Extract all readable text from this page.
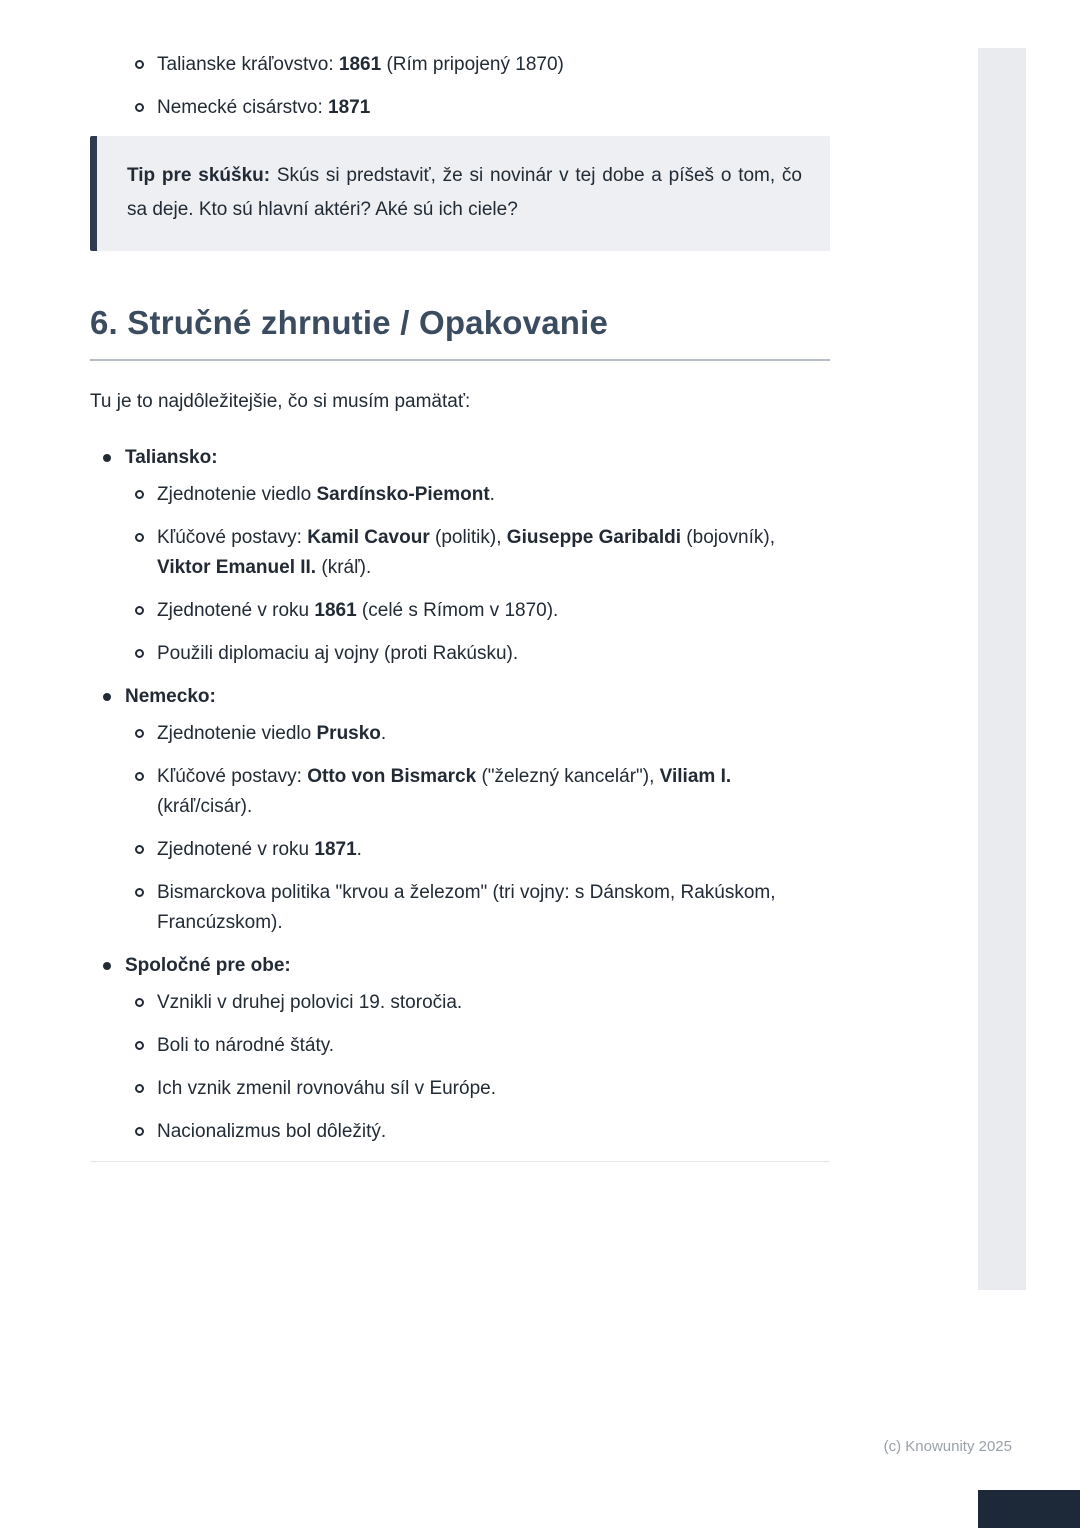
Talianske kráľovstvo: 1861 (Rím pripojený 1870)
Nemecké cisárstvo: 1871
Tip pre skúšku: Skús si predstaviť, že si novinár v tej dobe a píšeš o tom, čo sa deje. Kto sú hlavní aktéri? Aké sú ich ciele?
6. Stručné zhrnutie / Opakovanie

Tu je to najdôležitejšie, čo si musím pamätať:

Taliansko:
Zjednotenie viedlo Sardínsko-Piemont.
Kľúčové postavy: Kamil Cavour (politik), Giuseppe Garibaldi (bojovník), Viktor Emanuel II. (kráľ).
Zjednotené v roku 1861 (celé s Rímom v 1870).
Použili diplomaciu aj vojny (proti Rakúsku).
Nemecko:
Zjednotenie viedlo Prusko.
Kľúčové postavy: Otto von Bismarck ("železný kancelár"), Viliam I. (kráľ/cisár).
Zjednotené v roku 1871.
Bismarckova politika "krvou a železom" (tri vojny: s Dánskom, Rakúskom, Francúzskom).
Spoločné pre obe:
Vznikli v druhej polovici 19. storočia.
Boli to národné štáty.
Ich vznik zmenil rovnováhu síl v Európe.
Nacionalizmus bol dôležitý.
(c) Knowunity 2025
